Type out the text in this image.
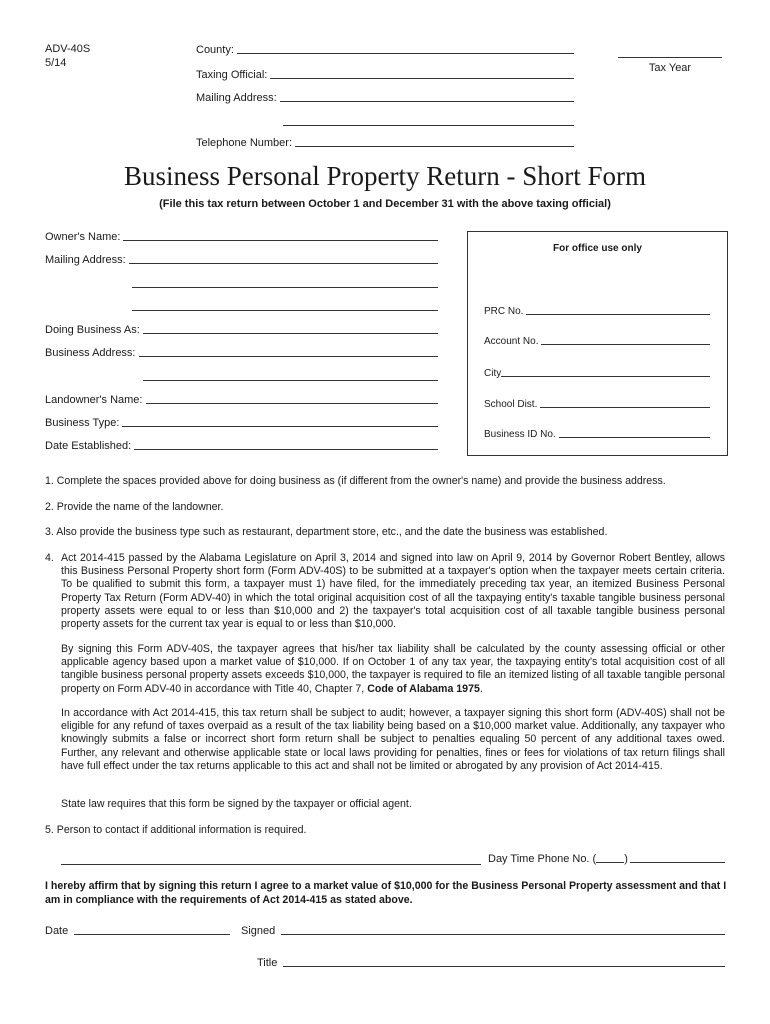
ADV-40S
5/14
County:
Taxing Official:
Mailing Address:
Telephone Number:
Tax Year
Business Personal Property Return - Short Form
(File this tax return between October 1 and December 31 with the above taxing official)
Owner's Name:
Mailing Address:
Doing Business As:
Business Address:
Landowner's Name:
Business Type:
Date Established:
For office use only
PRC No.
Account No.
City
School Dist.
Business ID No.
1. Complete the spaces provided above for doing business as (if different from the owner's name) and provide the business address.
2. Provide the name of the landowner.
3. Also provide the business type such as restaurant, department store, etc., and the date the business was established.
4. Act 2014-415 passed by the Alabama Legislature on April 3, 2014 and signed into law on April 9, 2014 by Governor Robert Bentley, allows this Business Personal Property short form (Form ADV-40S) to be submitted at a taxpayer's option when the taxpayer meets certain criteria. To be qualified to submit this form, a taxpayer must 1) have filed, for the immediately preceding tax year, an itemized Business Personal Property Tax Return (Form ADV-40) in which the total original acquisition cost of all the taxpaying entity's taxable tangible business personal property assets were equal to or less than $10,000 and 2) the taxpayer's total acquisition cost of all taxable tangible business personal property assets for the current tax year is equal to or less than $10,000.

By signing this Form ADV-40S, the taxpayer agrees that his/her tax liability shall be calculated by the county assessing official or other applicable agency based upon a market value of $10,000. If on October 1 of any tax year, the taxpaying entity's total acquisition cost of all tangible business personal property assets exceeds $10,000, the taxpayer is required to file an itemized listing of all taxable tangible personal property on Form ADV-40 in accordance with Title 40, Chapter 7, Code of Alabama 1975.

In accordance with Act 2014-415, this tax return shall be subject to audit; however, a taxpayer signing this short form (ADV-40S) shall not be eligible for any refund of taxes overpaid as a result of the tax liability being based on a $10,000 market value. Additionally, any taxpayer who knowingly submits a false or incorrect short form return shall be subject to penalties equaling 50 percent of any additional taxes owed. Further, any relevant and otherwise applicable state or local laws providing for penalties, fines or fees for violations of tax return filings shall have full effect under the tax returns applicable to this act and shall not be limited or abrogated by any provision of Act 2014-415.
State law requires that this form be signed by the taxpayer or official agent.
5. Person to contact if additional information is required.
Day Time Phone No. (	)
I hereby affirm that by signing this return I agree to a market value of $10,000 for the Business Personal Property assessment and that I am in compliance with the requirements of Act 2014-415 as stated above.
Date	Signed
Title
